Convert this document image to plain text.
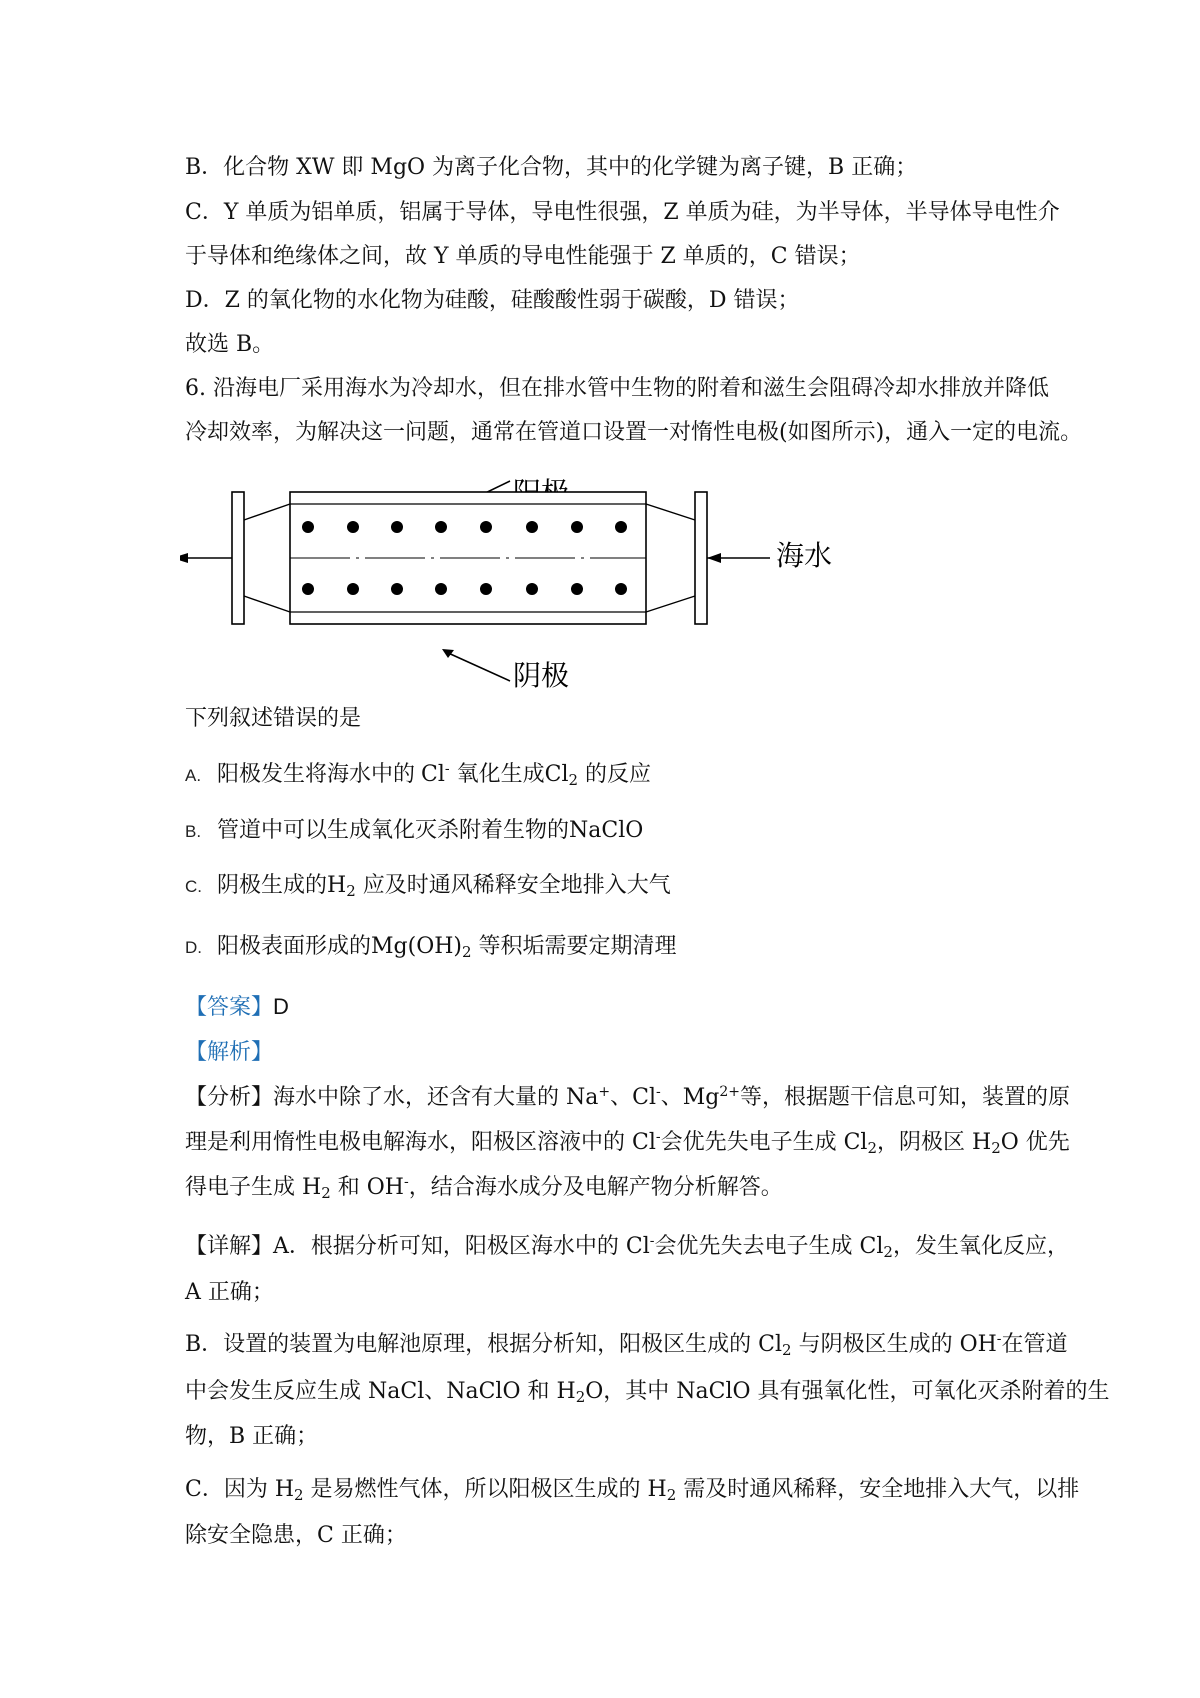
B．化合物 XW 即 MgO 为离子化合物，其中的化学键为离子键，B 正确；
C．Y 单质为铝单质，铝属于导体，导电性很强，Z 单质为硅，为半导体，半导体导电性介
于导体和绝缘体之间，故 Y 单质的导电性能强于 Z 单质的，C 错误；
D．Z 的氧化物的水化物为硅酸，硅酸酸性弱于碳酸，D 错误；
故选 B。
6. 沿海电厂采用海水为冷却水，但在排水管中生物的附着和滋生会阻碍冷却水排放并降低
冷却效率，为解决这一问题，通常在管道口设置一对惰性电极(如图所示)，通入一定的电流。
阴极
海水
下列叙述错误的是
A. 阳极发生将海水中的 Cl- 氧化生成$Cl_2$ 的反应
B. 管道中可以生成氧化灭杀附着生物的NaClO
C. 阴极生成的$H_2$ 应及时通风稀释安全地排入大气
D. 阳极表面形成的$Mg(OH)_2$ 等积垢需要定期清理
【答案】D
【解析】
【分析】海水中除了水，还含有大量的 Na+、Cl-、$Mg^{2+}$等，根据题干信息可知，装置的原
理是利用惰性电极电解海水，阳极区溶液中的 Cl-会优先失电子生成 $Cl_2$，阴极区 $H_2O$ 优先
得电子生成 $H_2$ 和 OH-，结合海水成分及电解产物分析解答。
【详解】A．根据分析可知，阳极区海水中的 Cl-会优先失去电子生成 $Cl_2$，发生氧化反应，
A 正确；
B．设置的装置为电解池原理，根据分析知，阳极区生成的 $Cl_2$ 与阴极区生成的 OH-在管道
中会发生反应生成 NaCl、NaClO 和 $H_2O$，其中 NaClO 具有强氧化性，可氧化灭杀附着的生
物，B 正确；
C．因为 $H_2$ 是易燃性气体，所以阳极区生成的 $H_2$ 需及时通风稀释，安全地排入大气，以排
除安全隐患，C 正确；
